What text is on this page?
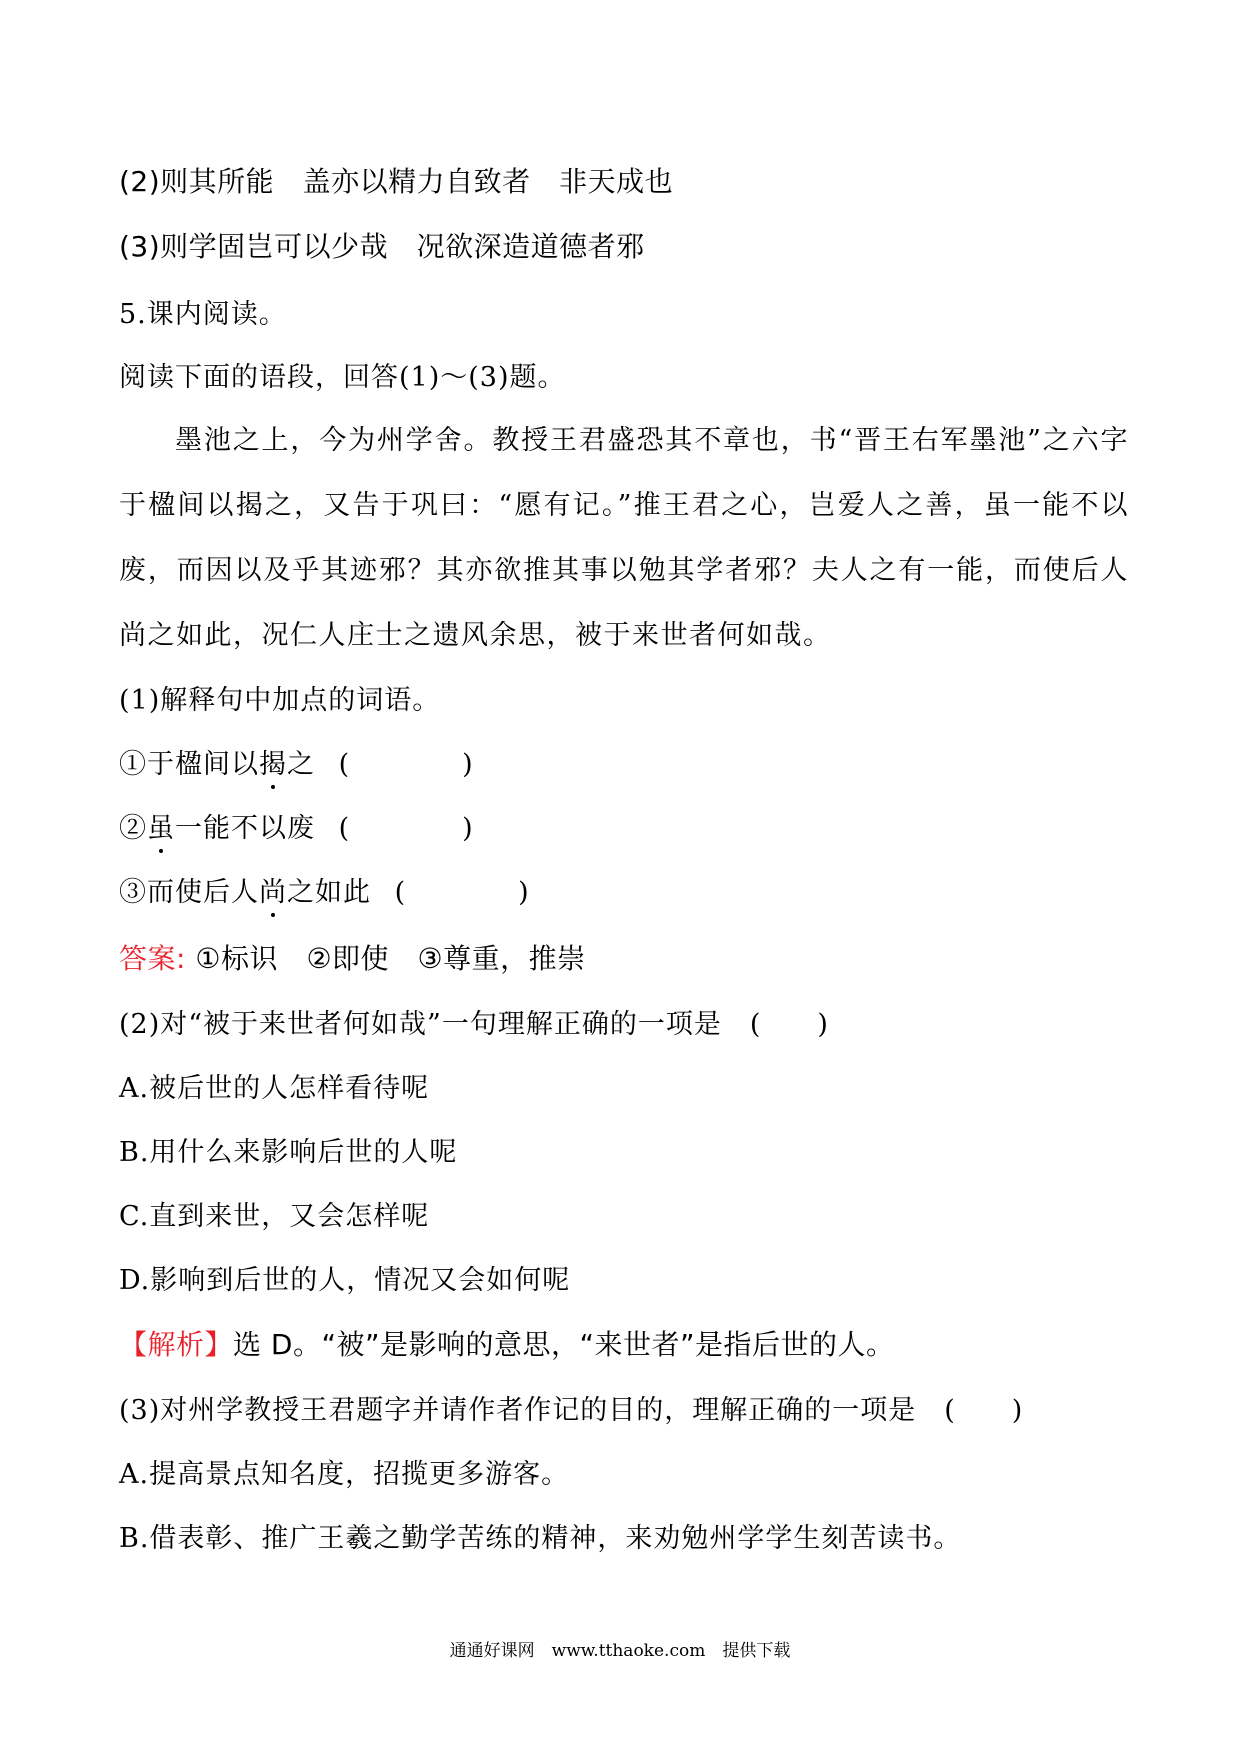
(2)则其所能　盖亦以精力自致者　非天成也
(3)则学固岂可以少哉　况欲深造道德者邪
5.课内阅读。
阅读下面的语段，回答(1)～(3)题。
墨池之上，今为州学舍。教授王君盛恐其不章也，书“晋王右军墨池”之六字于楹间以揭之，又告于巩曰：“愿有记。”推王君之心，岂爱人之善，虽一能不以废，而因以及乎其迹邪？其亦欲推其事以勉其学者邪？夫人之有一能，而使后人尚之如此，况仁人庄士之遗风余思，被于来世者何如哉。
(1)解释句中加点的词语。
①于楹间以揭之 (　　　　)
②虽一能不以废 (　　　　)
③而使后人尚之如此 (　　　　)
答案: ①标识　②即使　③尊重，推崇
(2)对“被于来世者何如哉”一句理解正确的一项是　(　　)
A.被后世的人怎样看待呢
B.用什么来影响后世的人呢
C.直到来世，又会怎样呢
D.影响到后世的人，情况又会如何呢
【解析】选 D。“被”是影响的意思，“来世者”是指后世的人。
(3)对州学教授王君题字并请作者作记的目的，理解正确的一项是　(　　)
A.提高景点知名度，招揽更多游客。
B.借表彰、推广王羲之勤学苦练的精神，来劝勉州学学生刻苦读书。
通通好课网　www.tthaoke.com　提供下载
